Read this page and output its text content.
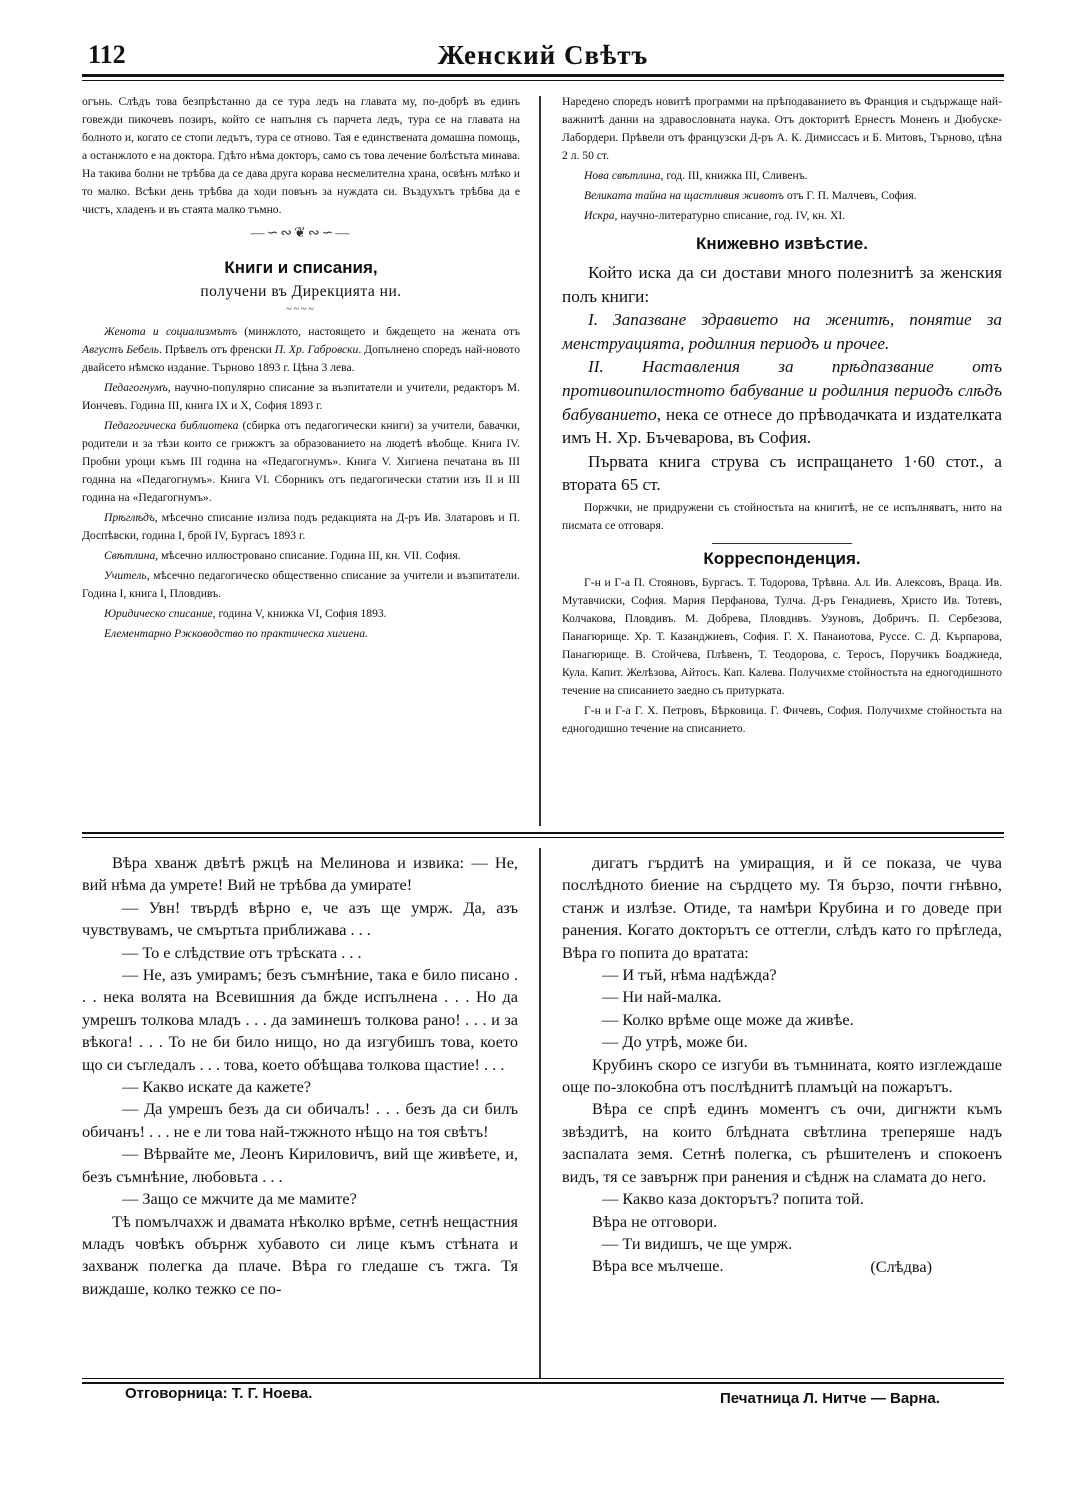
112	Женский Свѣтъ

огънь. Слѣдъ това безпрѣстанно да се тура ледъ на главата му, по-добрѣ въ единъ говежди пикочевъ позиръ, който се напълня съ парчета ледъ, тура се на главата на болното и, когато се стопи ледътъ, тура се отново. Тая е единствената домашна помощь, а останжлото е на доктора. Гдѣто нѣма докторъ, само съ това лечение болѣстьта минава. На такива болни не трѣбва да се дава друга корава несмелителна храна, освѣнъ млѣко и то малко. Всѣки день трѣбва да ходи повънъ за нуждата си. Въздухътъ трѣбва да е чистъ, хладенъ и въ стаята малко тъмно.

—∽∾❦∾∽—
Книги и списания,
получени въ Дирекцията ни.
~~~~

Женота и социализмътъ (минжлото, настоящето и бждещето на жената отъ Августъ Бебель. Прѣвелъ отъ френски П. Хр. Габровски. Допълнено споредъ най-новото двайсето нѣмско издание. Търново 1893 г. Цѣна 3 лева.

Педагогнумъ, научно-популярно списание за възпитатели и учители, редакторъ М. Иончевъ. Година III, книга IX и X, София 1893 г.

Педагогическа библиотека (сбирка отъ педагогически книги) за учители, бавачки, родители и за тѣзи които се грижжтъ за образованието на людетѣ вѣобще. Книга IV. Пробни уроци къмъ III годнна на «Педагогнумъ». Книга V. Хигиена печатана въ III годнна на «Педагогнумъ». Книга VI. Сборникъ отъ педагогически статии изъ II и III година на «Педагогнумъ».

Прѣглѣдъ, мѣсечно списание излиза подъ редакцията на Д-ръ Ив. Златаровъ и П. Доспѣвски, година I, брой IV, Бургасъ 1893 г.

Свѣтлина, мѣсечно иллюстровано списание. Година III, кн. VII. София.

Учитель, мѣсечно педагогическо общественно списание за учители и възпитатели. Година I, книга I, Пловдивъ.

Юридическо списание, година V, книжка VI, София 1893.

Елементарно Ржководство по практическа хигиена.

Наредено споредъ новитѣ программи на прѣподаванието въ Франция и съдържаще най-важнитѣ данни на здравословната наука. Отъ докторитѣ Ернестъ Моненъ и Дюбуске-Лабордери. Прѣвели отъ французски Д-ръ А. К. Димиссасъ и Б. Митовъ, Търново, цѣна 2 л. 50 ст.

Нова свѣтлина, год. III, книжка III, Сливенъ.

Великата тайна на щастливия животъ отъ Г. П. Малчевъ, София.

Искра, научно-литературно списание, год. IV, кн. XI.

Книжевно извѣстие.

Който иска да си достави много полезнитѣ за женския полъ книги:

I. Запазване здравието на женитѣ, понятие за менструацията, родилния периодъ и прочее.

II. Наставления за прѣдпазвание отъ противоипилостното бабувание и родилния периодъ слѣдъ бабуванието, нека се отнесе до прѣводачката и издателката имъ Н. Хр. Бъчеварова, въ София.

Първата книга струва съ испращането 1·60 стот., а втората 65 ст.

Поржчки, не придружени съ стойностьта на книгитѣ, не се испълняватъ, нито на писмата се отговаря.

Корреспонденция.

Г-н и Г-а П. Стояновъ, Бургасъ. Т. Тодорова, Трѣвна. Ал. Ив. Алексовъ, Враца. Ив. Мутавчиски, София. Мария Перфанова, Тулча. Д-ръ Генадиевъ, Христо Ив. Тотевъ, Колчакова, Пловдивъ. М. Добрева, Пловдивъ. Узуновъ, Добричъ. П. Сербезова, Панагюрище. Хр. Т. Казанджиевъ, София. Г. Х. Панаиотова, Руссе. С. Д. Кърпарова, Панагюрище. В. Стойчева, Плѣвенъ, Т. Теодорова, с. Теросъ, Поручикъ Боаджиеда, Кула. Капит. Желѣзова, Айтосъ. Кап. Калева. Получихме стойностьта на едногодишното течение на списанието заедно съ притурката.

Г-н и Г-а Г. Х. Петровъ, Бѣрковица. Г. Фичевъ, София. Получихме стойностьта на едногодишно течение на списанието.

Вѣра хванж двѣтѣ ржцѣ на Мелинова и извика: — Не, вий нѣма да умрете! Вий не трѣбва да умирате!

— Увн! твърдѣ вѣрно е, че азъ ще умрж. Да, азъ чувствувамъ, че смъртьта приближава . . .

— То е слѣдствие отъ трѣската . . .

— Не, азъ умирамъ; безъ съмнѣние, така е било писано . . . нека волята на Всевишния да бжде испълнена . . . Но да умрешъ толкова младъ . . . да заминешъ толкова рано! . . . и за вѣкога! . . . То не би било нищо, но да изгубишъ това, което що си съгледалъ . . . това, което обѣщава толкова щастие! . . .

— Какво искате да кажете?

— Да умрешъ безъ да си обичалъ! . . . безъ да си билъ обичанъ! . . . не е ли това най-тжжното нѣщо на тоя свѣтъ!

— Вѣрвайте ме, Леонъ Кириловичъ, вий ще живѣете, и, безъ съмнѣние, любовьта . . .

— Защо се мжчите да ме мамите?

Тѣ помълчахж и двамата нѣколко врѣме, сетнѣ нещастния младъ човѣкъ обърнж хубавото си лице къмъ стѣната и захванж полегка да плаче. Вѣра го гледаше съ тжга. Тя виждаше, колко тежко се по-

дигатъ гърдитѣ на умиращия, и й се показа, че чува послѣдното биение на сърдцето му. Тя бързо, почти гнѣвно, станж и излѣзе. Отиде, та намѣри Крубина и го доведе при ранения. Когато докторътъ се оттегли, слѣдъ като го прѣгледа, Вѣра го попита до вратата:

— И тъй, нѣма надѣжда?

— Ни най-малка.

— Колко врѣме още може да живѣе.

— До утрѣ, може би.

Крубинъ скоро се изгуби въ тъмнината, която изглеждаше още по-злокобна отъ послѣднитѣ пламъцѝ на пожарътъ.

Вѣра се спрѣ единъ моментъ съ очи, дигнжти къмъ звѣздитѣ, на които блѣдната свѣтлина треперяше надъ заспалата земя. Сетнѣ полегка, съ рѣшителенъ и спокоенъ видъ, тя се завърнж при ранения и сѣднж на сламата до него.

— Какво каза докторътъ? попита той.

Вѣра не отговори.

— Ти видишъ, че ще умрж.

Вѣра все мълчеше.	(Слѣдва)
Отговорница: Т. Г. Ноева.	Печатница Л. Нитче — Варна.
